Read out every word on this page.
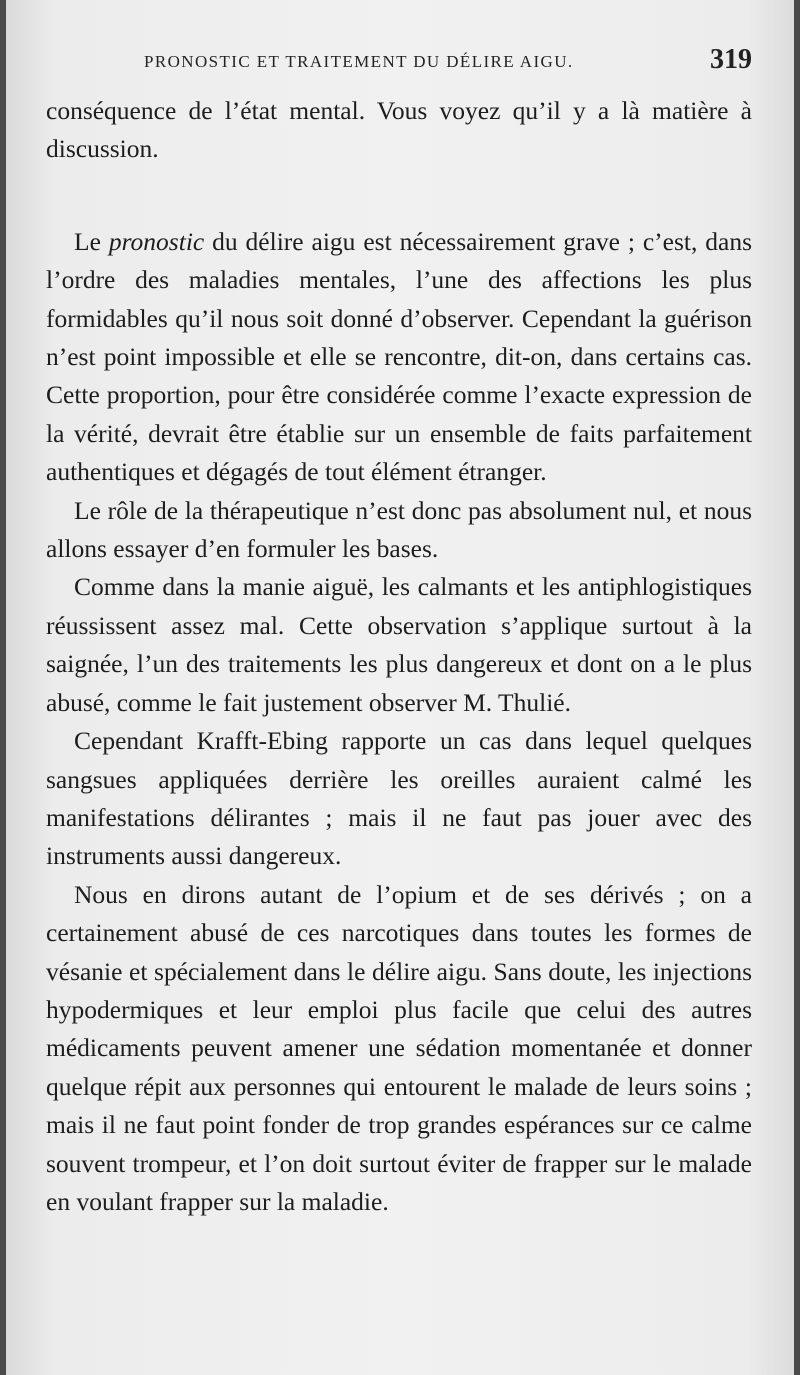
PRONOSTIC ET TRAITEMENT DU DÉLIRE AIGU.	319

conséquence de l’état mental. Vous voyez qu’il y a là matière à discussion.

Le pronostic du délire aigu est nécessairement grave ; c’est, dans l’ordre des maladies mentales, l’une des affections les plus formidables qu’il nous soit donné d’observer. Cependant la guérison n’est point impossible et elle se rencontre, dit-on, dans certains cas. Cette proportion, pour être considérée comme l’exacte expression de la vérité, devrait être établie sur un ensemble de faits parfaitement authentiques et dégagés de tout élément étranger.

Le rôle de la thérapeutique n’est donc pas absolument nul, et nous allons essayer d’en formuler les bases.

Comme dans la manie aiguë, les calmants et les antiphlogistiques réussissent assez mal. Cette observation s’applique surtout à la saignée, l’un des traitements les plus dangereux et dont on a le plus abusé, comme le fait justement observer M. Thulié.

Cependant Krafft-Ebing rapporte un cas dans lequel quelques sangsues appliquées derrière les oreilles auraient calmé les manifestations délirantes ; mais il ne faut pas jouer avec des instruments aussi dangereux.

Nous en dirons autant de l’opium et de ses dérivés ; on a certainement abusé de ces narcotiques dans toutes les formes de vésanie et spécialement dans le délire aigu. Sans doute, les injections hypodermiques et leur emploi plus facile que celui des autres médicaments peuvent amener une sédation momentanée et donner quelque répit aux personnes qui entourent le malade de leurs soins ; mais il ne faut point fonder de trop grandes espérances sur ce calme souvent trompeur, et l’on doit surtout éviter de frapper sur le malade en voulant frapper sur la maladie.
